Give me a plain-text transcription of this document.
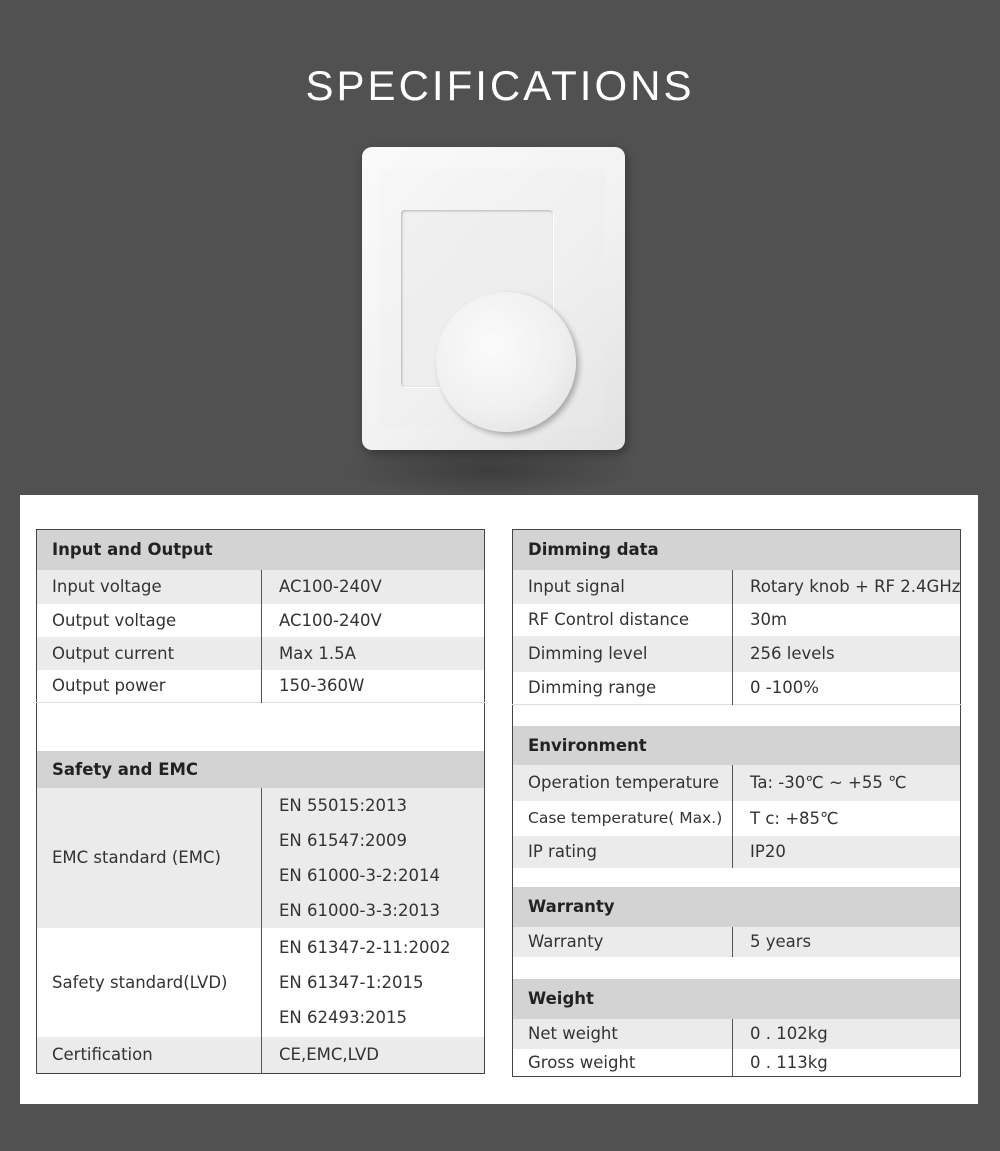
SPECIFICATIONS
Input and Output	
Input voltage	AC100-240V
Output voltage	AC100-240V
Output current	Max 1.5A
Output power	150-360W

Safety and EMC	
EMC standard (EMC)	EN 55015:2013
EN 61547:2009
EN 61000-3-2:2014
EN 61000-3-3:2013

Safety standard(LVD)	EN 61347-2-11:2002
EN 61347-1:2015
EN 62493:2015

Certification	CE,EMC,LVD
Dimming data	
Input signal	Rotary knob + RF 2.4GHz
RF Control distance	30m
Dimming level	256 levels
Dimming range	0 -100%

Environment	
Operation temperature	Ta: -30℃ ~ +55 ℃
Case temperature( Max.)	T c: +85℃
IP rating	IP20

Warranty	
Warranty	5 years

Weight	
Net weight	0 . 102kg
Gross weight	0 . 113kg
